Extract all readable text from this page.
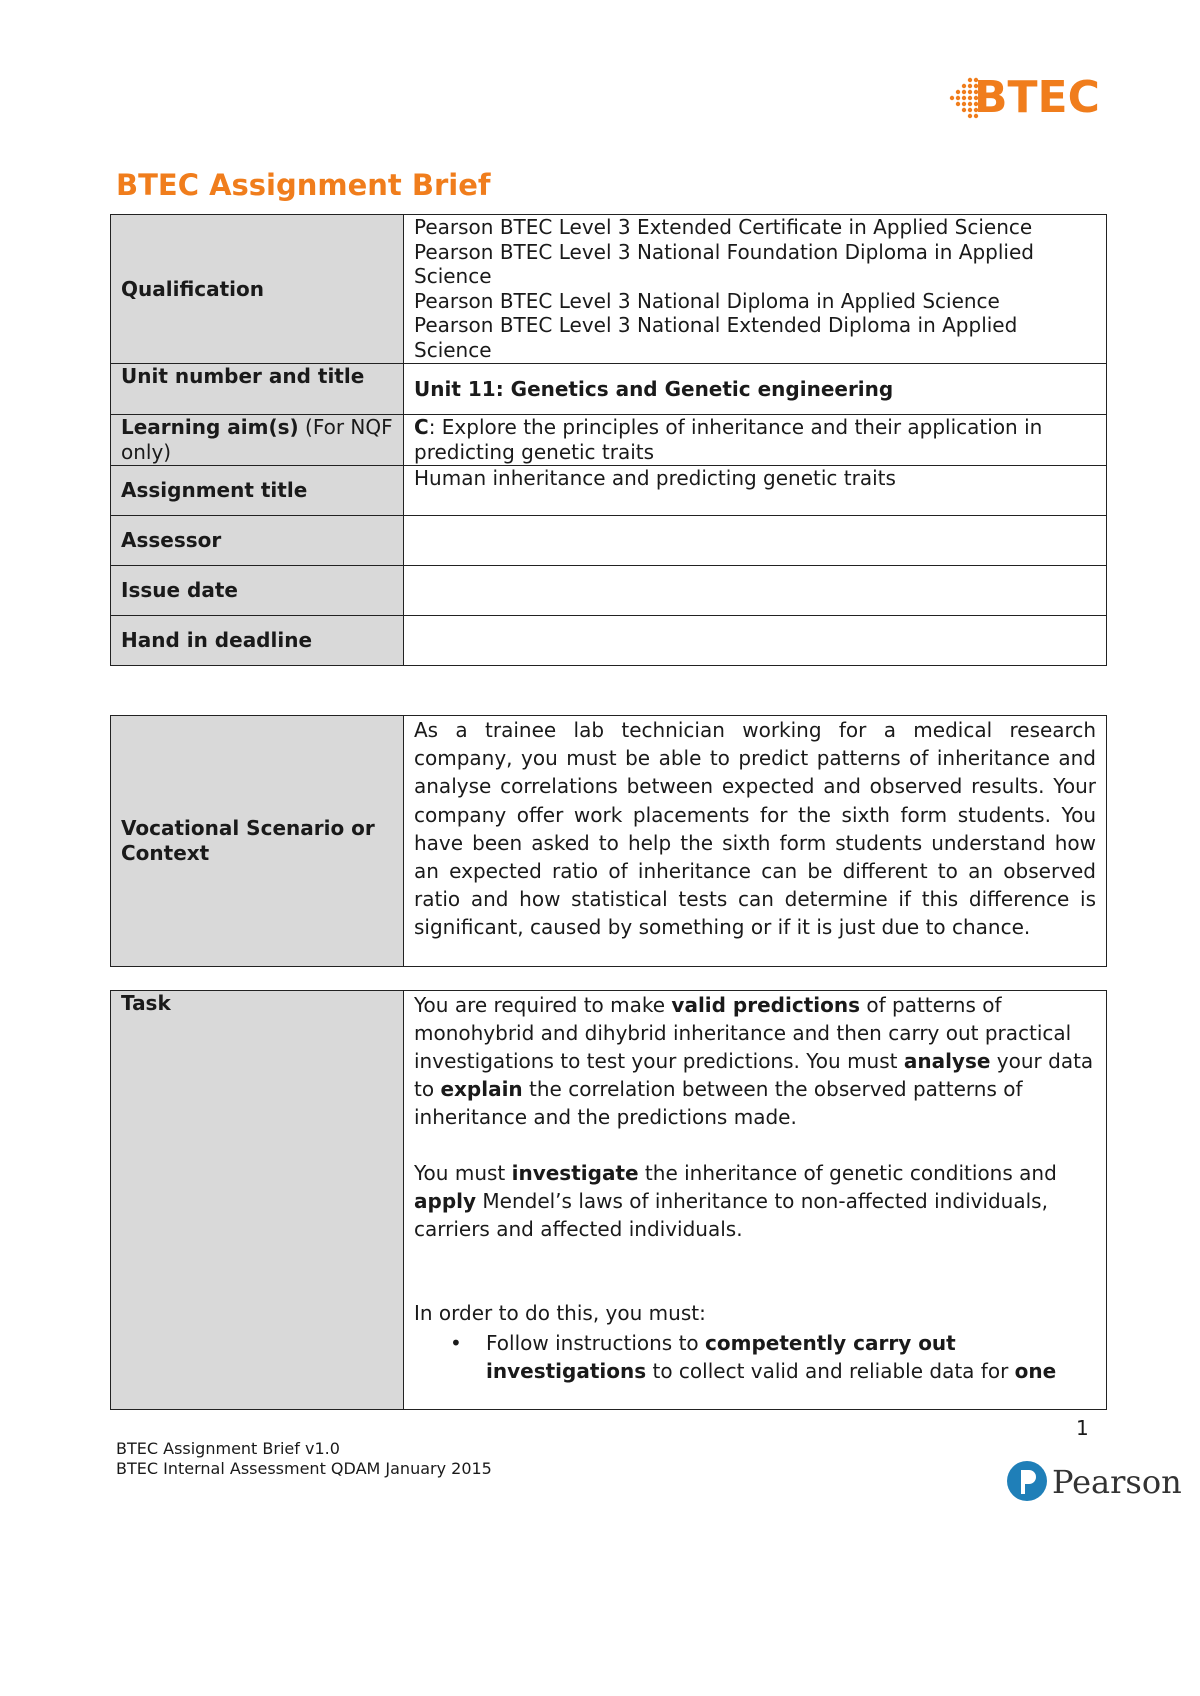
BTEC
BTEC Assignment Brief
Qualification	Pearson BTEC Level 3 Extended Certificate in Applied Science
Pearson BTEC Level 3 National Foundation Diploma in Applied Science
Pearson BTEC Level 3 National Diploma in Applied Science
Pearson BTEC Level 3 National Extended Diploma in Applied Science

Unit number and title	Unit 11: Genetics and Genetic engineering
Learning aim(s) (For NQF only)	C: Explore the principles of inheritance and their application in predicting genetic traits
Assignment title	Human inheritance and predicting genetic traits
Assessor	
Issue date	
Hand in deadline	
Vocational Scenario or Context	As a trainee lab technician working for a medical research company, you must be able to predict patterns of inheritance and analyse correlations between expected and observed results. Your company offer work placements for the sixth form students. You have been asked to help the sixth form students understand how an expected ratio of inheritance can be different to an observed ratio and how statistical tests can determine if this difference is significant, caused by something or if it is just due to chance.
Task	You are required to make valid predictions of patterns of monohybrid and dihybrid inheritance and then carry out practical investigations to test your predictions. You must analyse your data to explain the correlation between the observed patterns of inheritance and the predictions made.
You must investigate the inheritance of genetic conditions and apply Mendel’s laws of inheritance to non-affected individuals, carriers and affected individuals.
In order to do this, you must:
• Follow instructions to competently carry out investigations to collect valid and reliable data for one
1
BTEC Assignment Brief v1.0
BTEC Internal Assessment QDAM January 2015	Pearson
